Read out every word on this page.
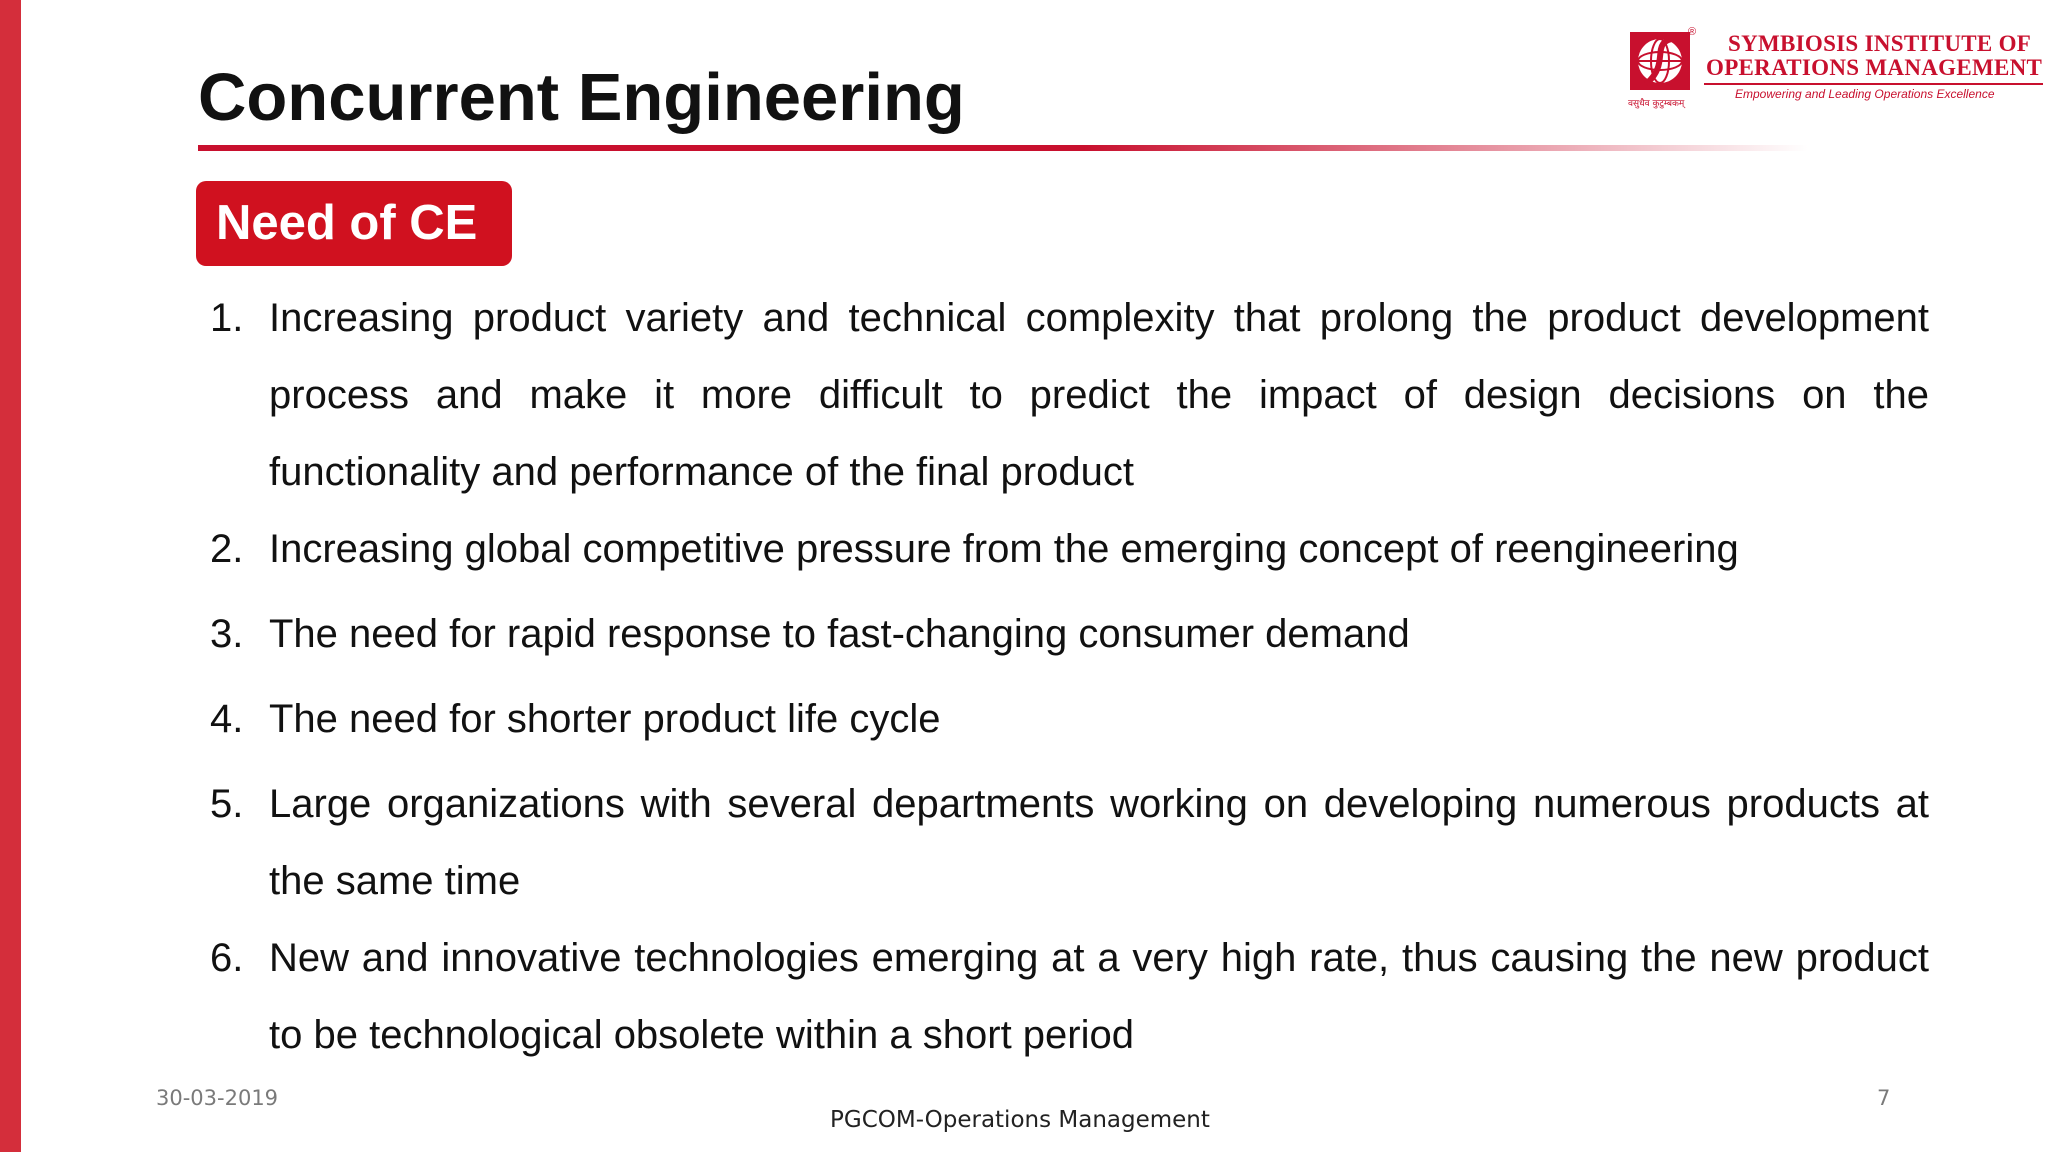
Concurrent Engineering
® SYMBIOSIS INSTITUTE OF
OPERATIONS MANAGEMENT
Empowering and Leading Operations Excellence
वसुधैव कुटुम्बकम्
Need of CE
1. Increasing product variety and technical complexity that prolong the product development process and make it more difficult to predict the impact of design decisions on the functionality and performance of the final product
2. Increasing global competitive pressure from the emerging concept of reengineering
3. The need for rapid response to fast-changing consumer demand
4. The need for shorter product life cycle
5. Large organizations with several departments working on developing numerous products at the same time
6. New and innovative technologies emerging at a very high rate, thus causing the new product to be technological obsolete within a short period
30-03-2019
PGCOM-Operations Management
7
